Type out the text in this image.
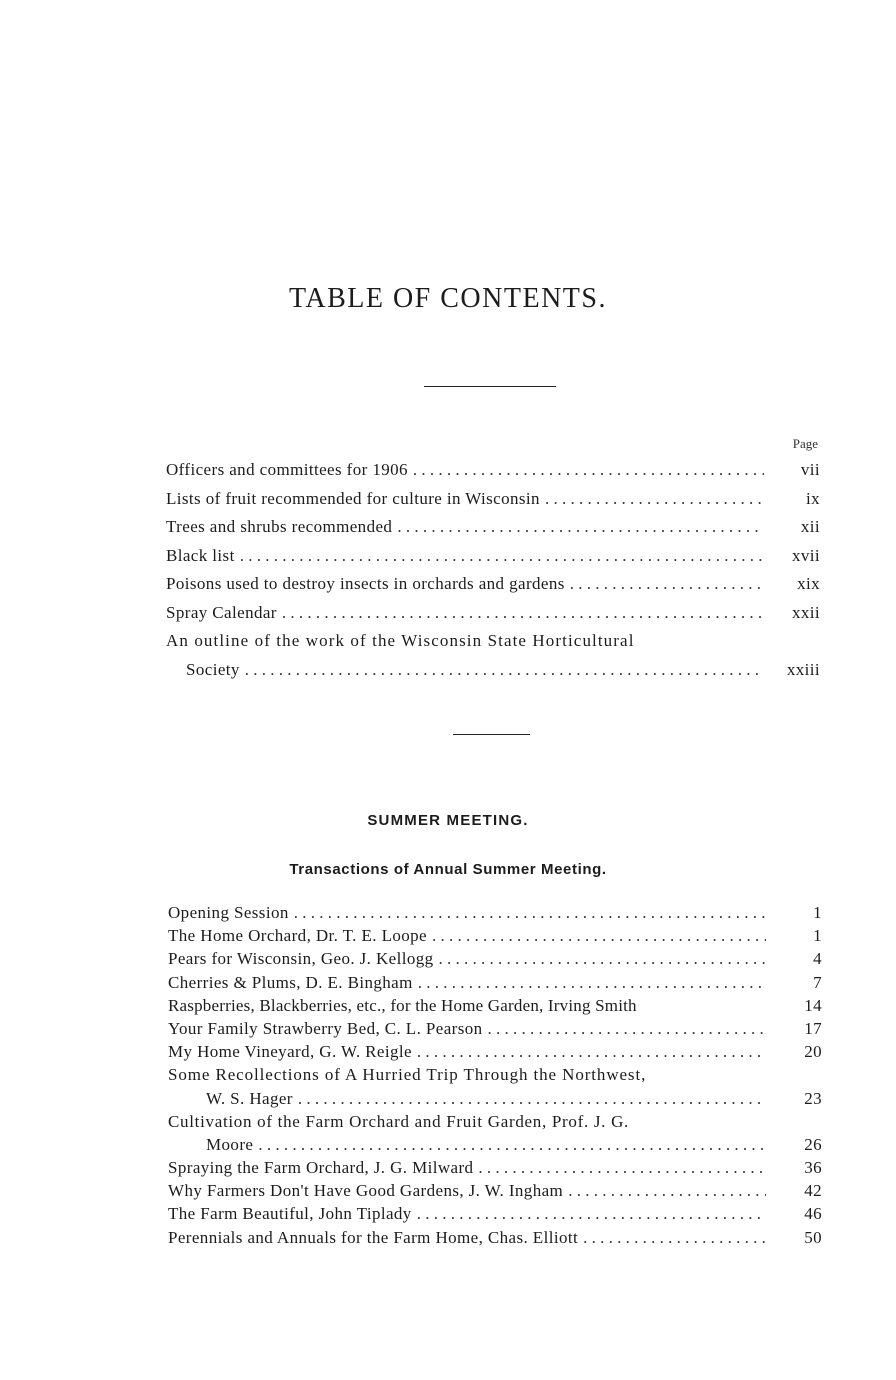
TABLE OF CONTENTS.
Page
Officers and committees for 1906 . . .	vii
Lists of fruit recommended for culture in Wisconsin . . .	ix
Trees and shrubs recommended . . .	xii
Black list . . .	xvii
Poisons used to destroy insects in orchards and gardens . . .	xix
Spray Calendar . . .	xxii
An outline of the work of the Wisconsin State Horticultural
Society . . .	xxiii
SUMMER MEETING.
Transactions of Annual Summer Meeting.
Opening Session . . .	1
The Home Orchard, Dr. T. E. Loope . . .	1
Pears for Wisconsin, Geo. J. Kellogg . . .	4
Cherries & Plums, D. E. Bingham . . .	7
Raspberries, Blackberries, etc., for the Home Garden, Irving Smith	14
Your Family Strawberry Bed, C. L. Pearson . . .	17
My Home Vineyard, G. W. Reigle . . .	20
Some Recollections of A Hurried Trip Through the Northwest,
W. S. Hager . . .	23
Cultivation of the Farm Orchard and Fruit Garden, Prof. J. G.
Moore . . .	26
Spraying the Farm Orchard, J. G. Milward . . .	36
Why Farmers Don't Have Good Gardens, J. W. Ingham . . .	42
The Farm Beautiful, John Tiplady . . .	46
Perennials and Annuals for the Farm Home, Chas. Elliott . . .	50
